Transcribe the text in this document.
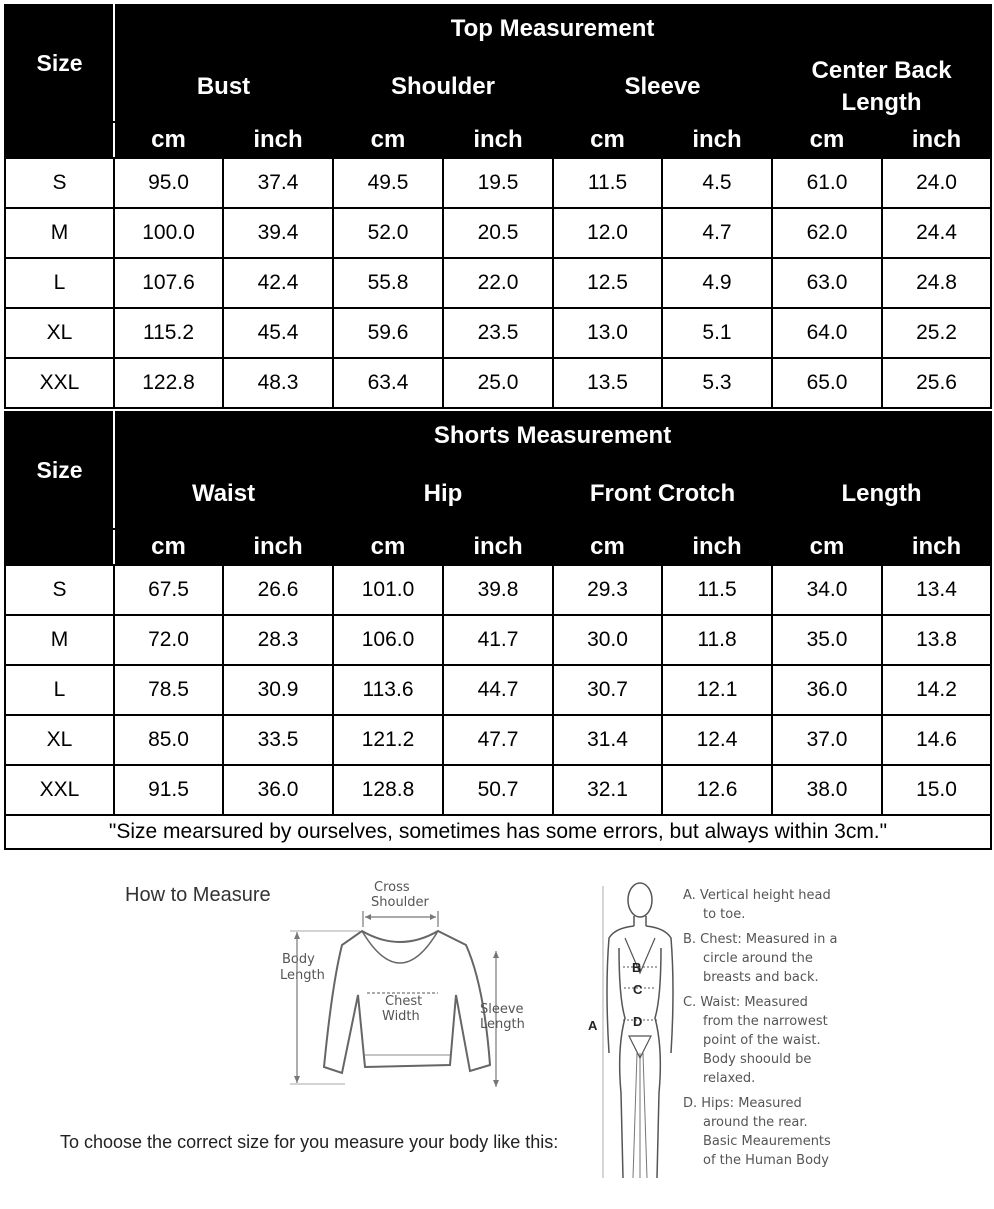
Size	Top Measurement							
	Bust		Shoulder		Sleeve		Center Back Length	
	cm	inch	cm	inch	cm	inch	cm	inch
S	95.0	37.4	49.5	19.5	11.5	4.5	61.0	24.0
M	100.0	39.4	52.0	20.5	12.0	4.7	62.0	24.4
L	107.6	42.4	55.8	22.0	12.5	4.9	63.0	24.8
XL	115.2	45.4	59.6	23.5	13.0	5.1	64.0	25.2
XXL	122.8	48.3	63.4	25.0	13.5	5.3	65.0	25.6
Size	Shorts Measurement							
	Waist		Hip		Front Crotch		Length	
	cm	inch	cm	inch	cm	inch	cm	inch
S	67.5	26.6	101.0	39.8	29.3	11.5	34.0	13.4
M	72.0	28.3	106.0	41.7	30.0	11.8	35.0	13.8
L	78.5	30.9	113.6	44.7	30.7	12.1	36.0	14.2
XL	85.0	33.5	121.2	47.7	31.4	12.4	37.0	14.6
XXL	91.5	36.0	128.8	50.7	32.1	12.6	38.0	15.0
"Size mearsured by ourselves, sometimes has some errors, but always within 3cm."								
How to Measure
To choose the correct size for you measure your body like this:
Cross
Shoulder
Body
Length
Chest
Width	Sleeve
Length
B
C
D
A
A. Vertical height head
to toe.
B. Chest: Measured in a
circle around the
breasts and back.
C. Waist: Measured
from the narrowest
point of the waist.
Body shoould be
relaxed.
D. Hips: Measured
around the rear.
Basic Meaurements
of the Human Body
